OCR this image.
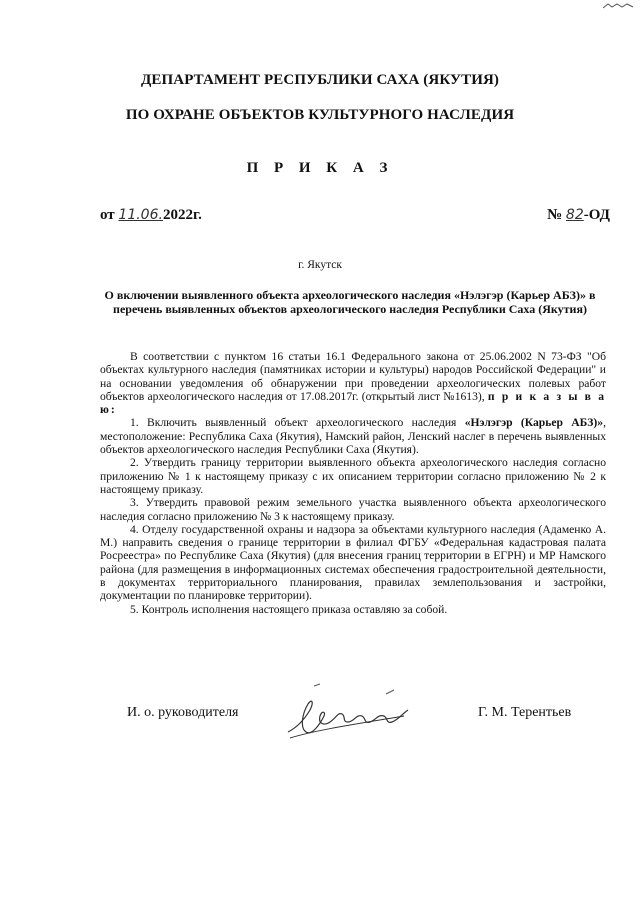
ДЕПАРТАМЕНТ РЕСПУБЛИКИ САХА (ЯКУТИЯ)
ПО ОХРАНЕ ОБЪЕКТОВ КУЛЬТУРНОГО НАСЛЕДИЯ
П Р И К А З
от 11.06.2022г.	№ 82-ОД
г. Якутск
О включении выявленного объекта археологического наследия «Нэлэгэр (Карьер АБЗ)» в перечень выявленных объектов археологического наследия Республики Саха (Якутия)

В соответствии с пунктом 16 статьи 16.1 Федерального закона от 25.06.2002 N 73-ФЗ "Об объектах культурного наследия (памятниках истории и культуры) народов Российской Федерации" и на основании уведомления об обнаружении при проведении археологических полевых работ объектов археологического наследия от 17.08.2017г. (открытый лист №1613), п р и к а з ы в а ю:

1. Включить выявленный объект археологического наследия «Нэлэгэр (Карьер АБЗ)», местоположение: Республика Саха (Якутия), Намский район, Ленский наслег в перечень выявленных объектов археологического наследия Республики Саха (Якутия).

2. Утвердить границу территории выявленного объекта археологического наследия согласно приложению № 1 к настоящему приказу с их описанием территории согласно приложению № 2 к настоящему приказу.

3. Утвердить правовой режим земельного участка выявленного объекта археологического наследия согласно приложению № 3 к настоящему приказу.

4. Отделу государственной охраны и надзора за объектами культурного наследия (Адаменко А. М.) направить сведения о границе территории в филиал ФГБУ «Федеральная кадастровая палата Росреестра» по Республике Саха (Якутия) (для внесения границ территории в ЕГРН) и МР Намского района (для размещения в информационных системах обеспечения градостроительной деятельности, в документах территориального планирования, правилах землепользования и застройки, документации по планировке территории).

5. Контроль исполнения настоящего приказа оставляю за собой.

И. о. руководителя	Г. М. Терентьев
